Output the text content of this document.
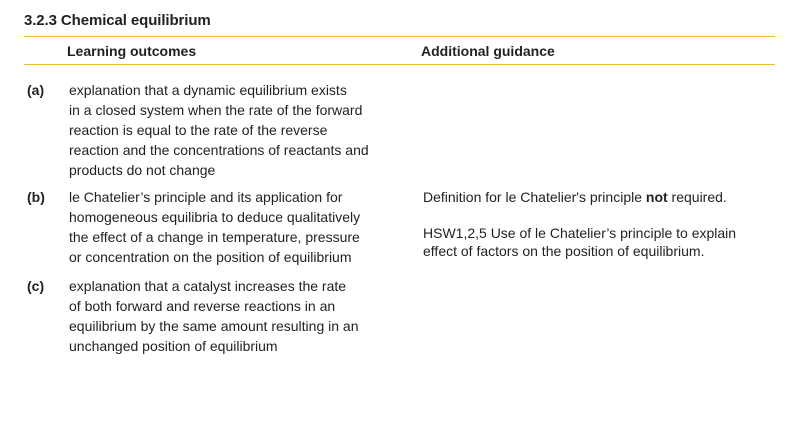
3.2.3 Chemical equilibrium
Learning outcomes	Additional guidance
(a) explanation that a dynamic equilibrium exists
in a closed system when the rate of the forward
reaction is equal to the rate of the reverse
reaction and the concentrations of reactants and
products do not change
(b) le Chatelier’s principle and its application for
homogeneous equilibria to deduce qualitatively
the effect of a change in temperature, pressure
or concentration on the position of equilibrium
Definition for le Chatelier's principle not required.
HSW1,2,5 Use of le Chatelier’s principle to explain
effect of factors on the position of equilibrium.
(c) explanation that a catalyst increases the rate
of both forward and reverse reactions in an
equilibrium by the same amount resulting in an
unchanged position of equilibrium
